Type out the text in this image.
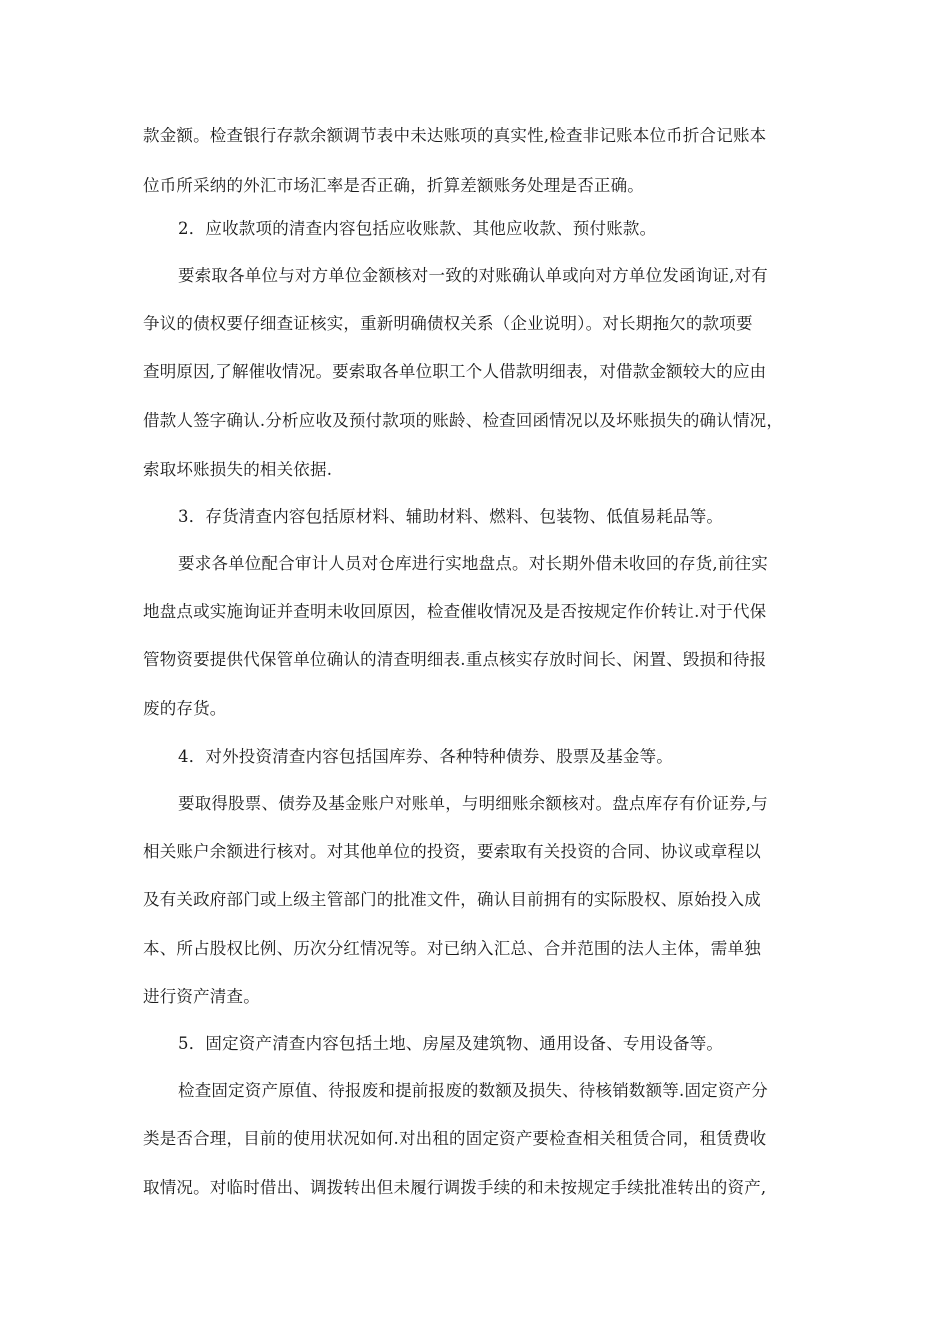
款金额。检查银行存款余额调节表中未达账项的真实性,检查非记账本位币折合记账本
位币所采纳的外汇市场汇率是否正确，折算差额账务处理是否正确。
2．应收款项的清查内容包括应收账款、其他应收款、预付账款。
要索取各单位与对方单位金额核对一致的对账确认单或向对方单位发函询证,对有
争议的债权要仔细查证核实，重新明确债权关系（企业说明）。对长期拖欠的款项要
查明原因,了解催收情况。要索取各单位职工个人借款明细表，对借款金额较大的应由
借款人签字确认.分析应收及预付款项的账龄、检查回函情况以及坏账损失的确认情况，
索取坏账损失的相关依据.
3．存货清查内容包括原材料、辅助材料、燃料、包装物、低值易耗品等。
要求各单位配合审计人员对仓库进行实地盘点。对长期外借未收回的存货,前往实
地盘点或实施询证并查明未收回原因，检查催收情况及是否按规定作价转让.对于代保
管物资要提供代保管单位确认的清查明细表.重点核实存放时间长、闲置、毁损和待报
废的存货。
4．对外投资清查内容包括国库券、各种特种债券、股票及基金等。
要取得股票、债券及基金账户对账单，与明细账余额核对。盘点库存有价证券,与
相关账户余额进行核对。对其他单位的投资，要索取有关投资的合同、协议或章程以
及有关政府部门或上级主管部门的批准文件，确认目前拥有的实际股权、原始投入成
本、所占股权比例、历次分红情况等。对已纳入汇总、合并范围的法人主体，需单独
进行资产清查。
5．固定资产清查内容包括土地、房屋及建筑物、通用设备、专用设备等。
检查固定资产原值、待报废和提前报废的数额及损失、待核销数额等.固定资产分
类是否合理，目前的使用状况如何.对出租的固定资产要检查相关租赁合同，租赁费收
取情况。对临时借出、调拨转出但未履行调拨手续的和未按规定手续批准转出的资产,
